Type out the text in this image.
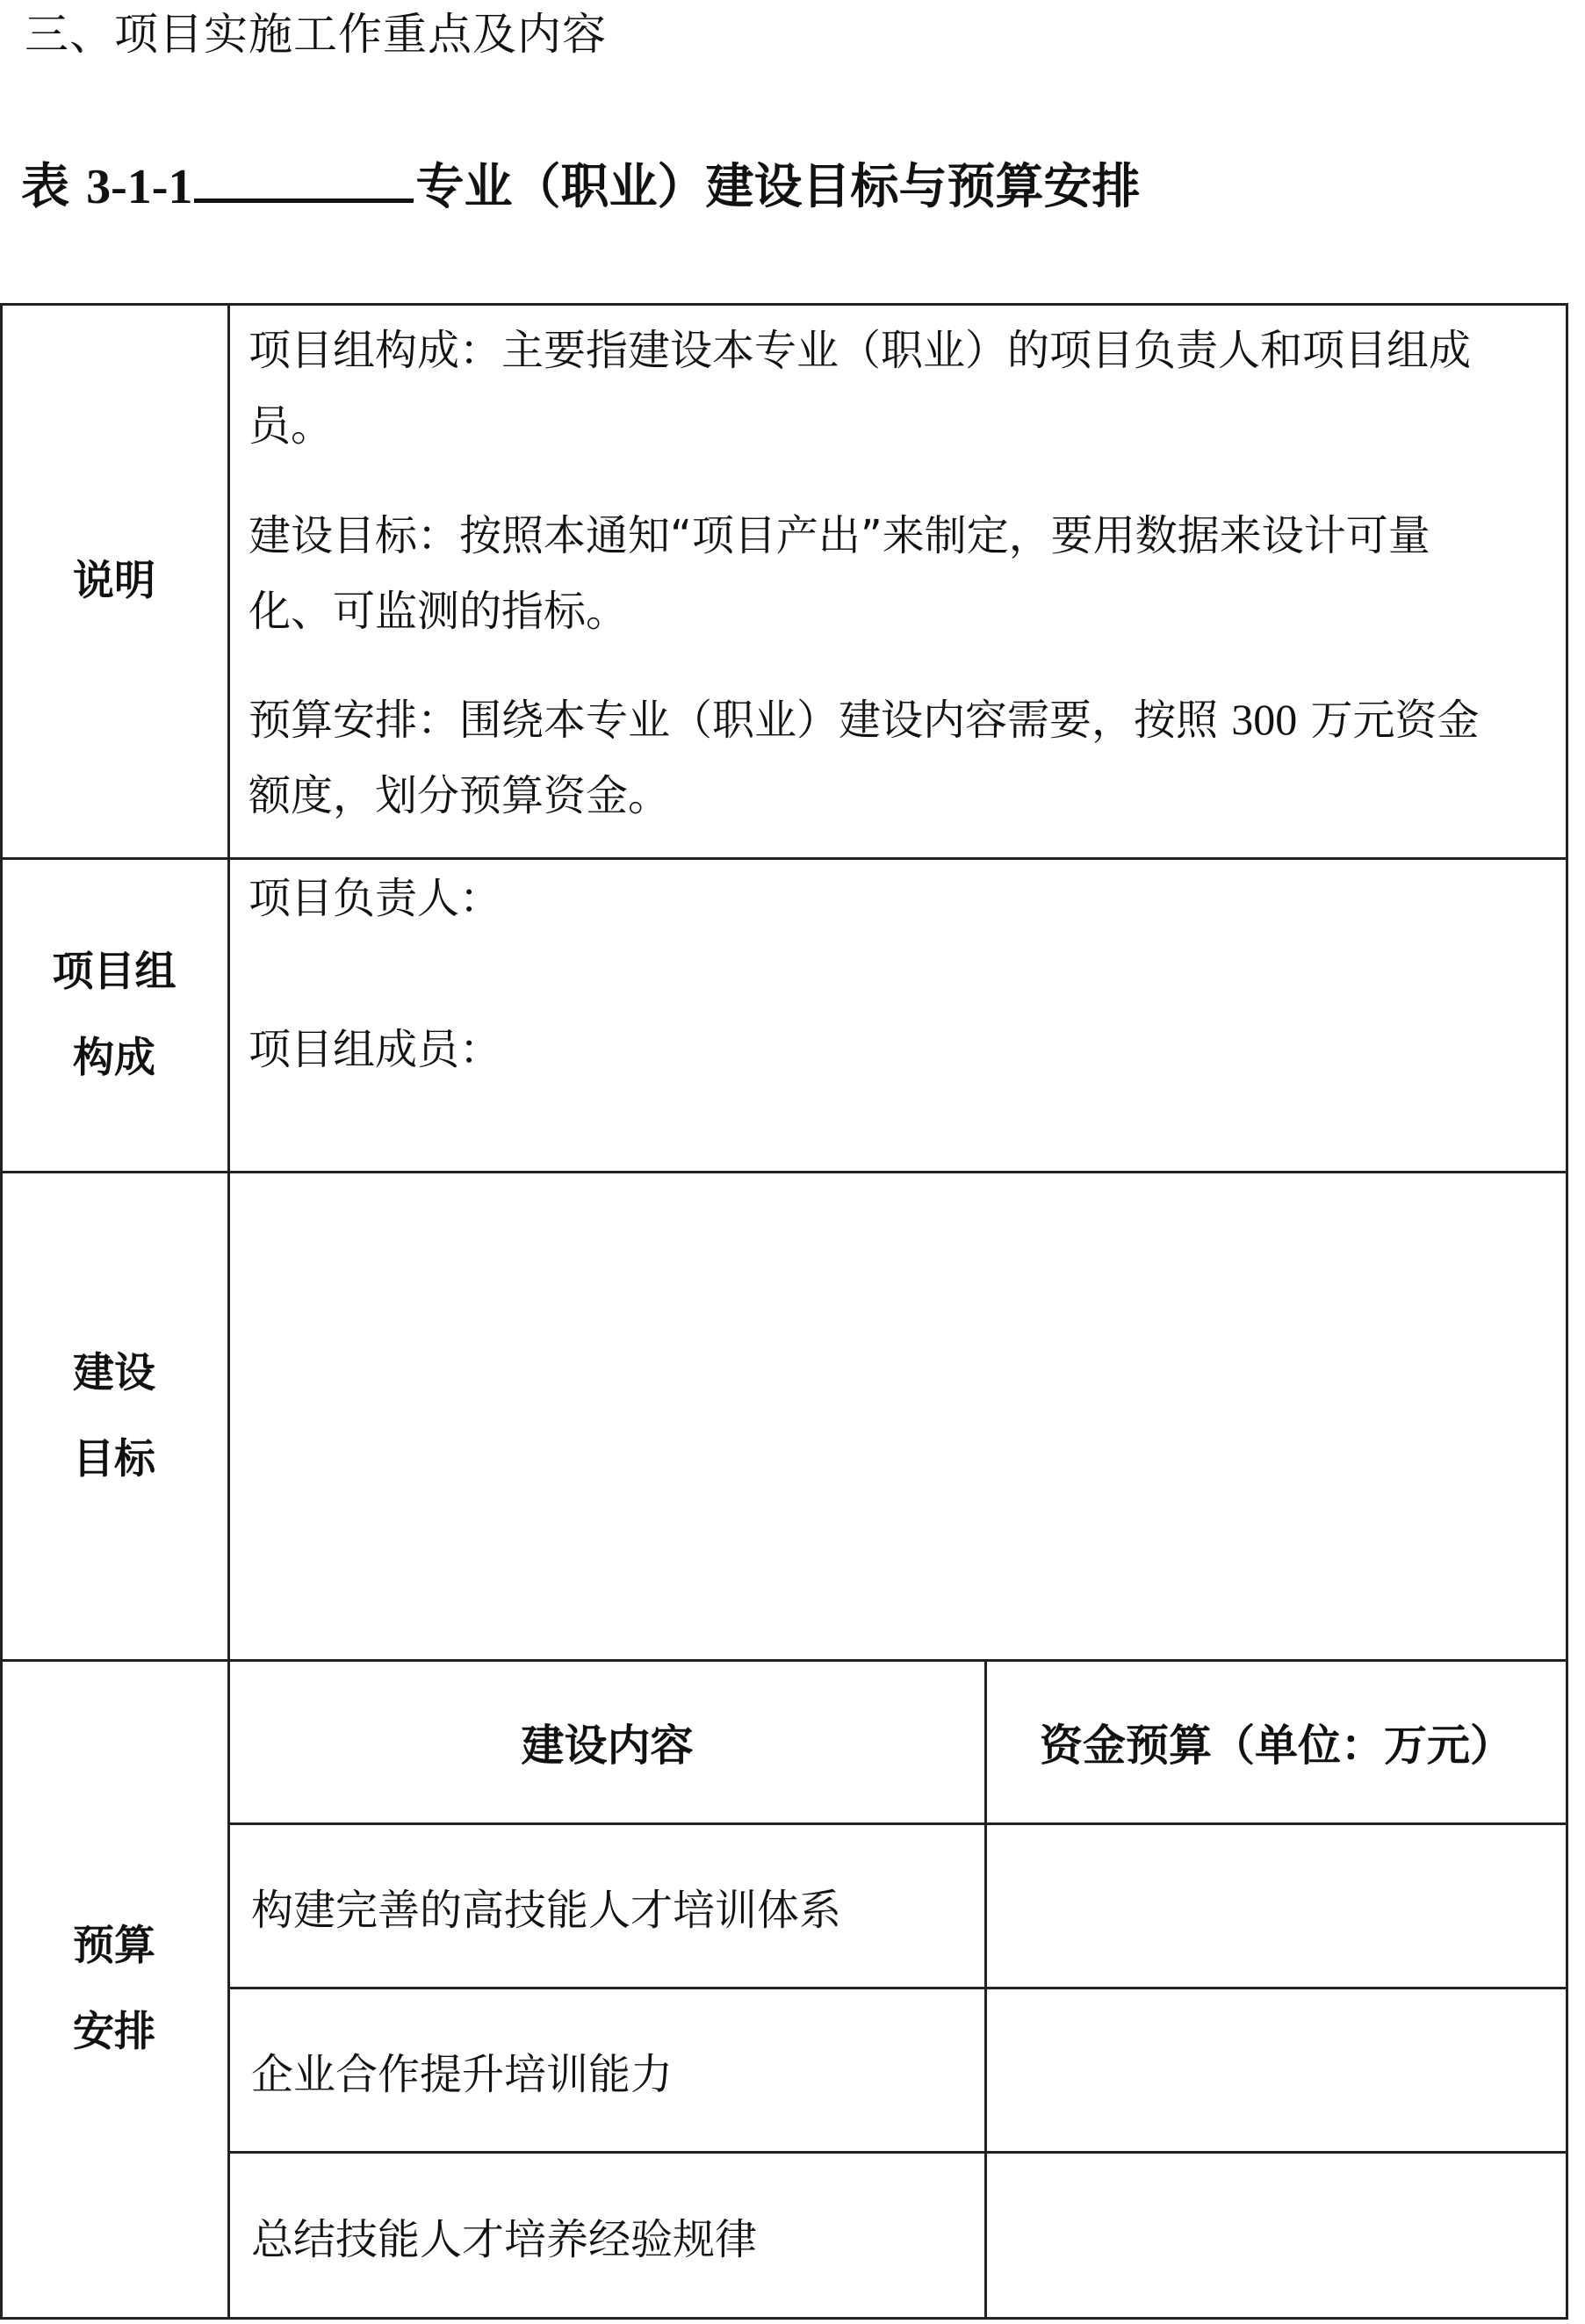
三、项目实施工作重点及内容
表 3-1-1	专业（职业）建设目标与预算安排
说明
项目组构成：主要指建设本专业（职业）的项目负责人和项目组成
员。
建设目标：按照本通知“项目产出”来制定，要用数据来设计可量
化、可监测的指标。
预算安排：围绕本专业（职业）建设内容需要，按照 300 万元资金
额度，划分预算资金。
项目组
构成
项目负责人：
项目组成员：
建设
目标
预算
安排
建设内容	资金预算（单位：万元）
构建完善的高技能人才培训体系
企业合作提升培训能力
总结技能人才培养经验规律
